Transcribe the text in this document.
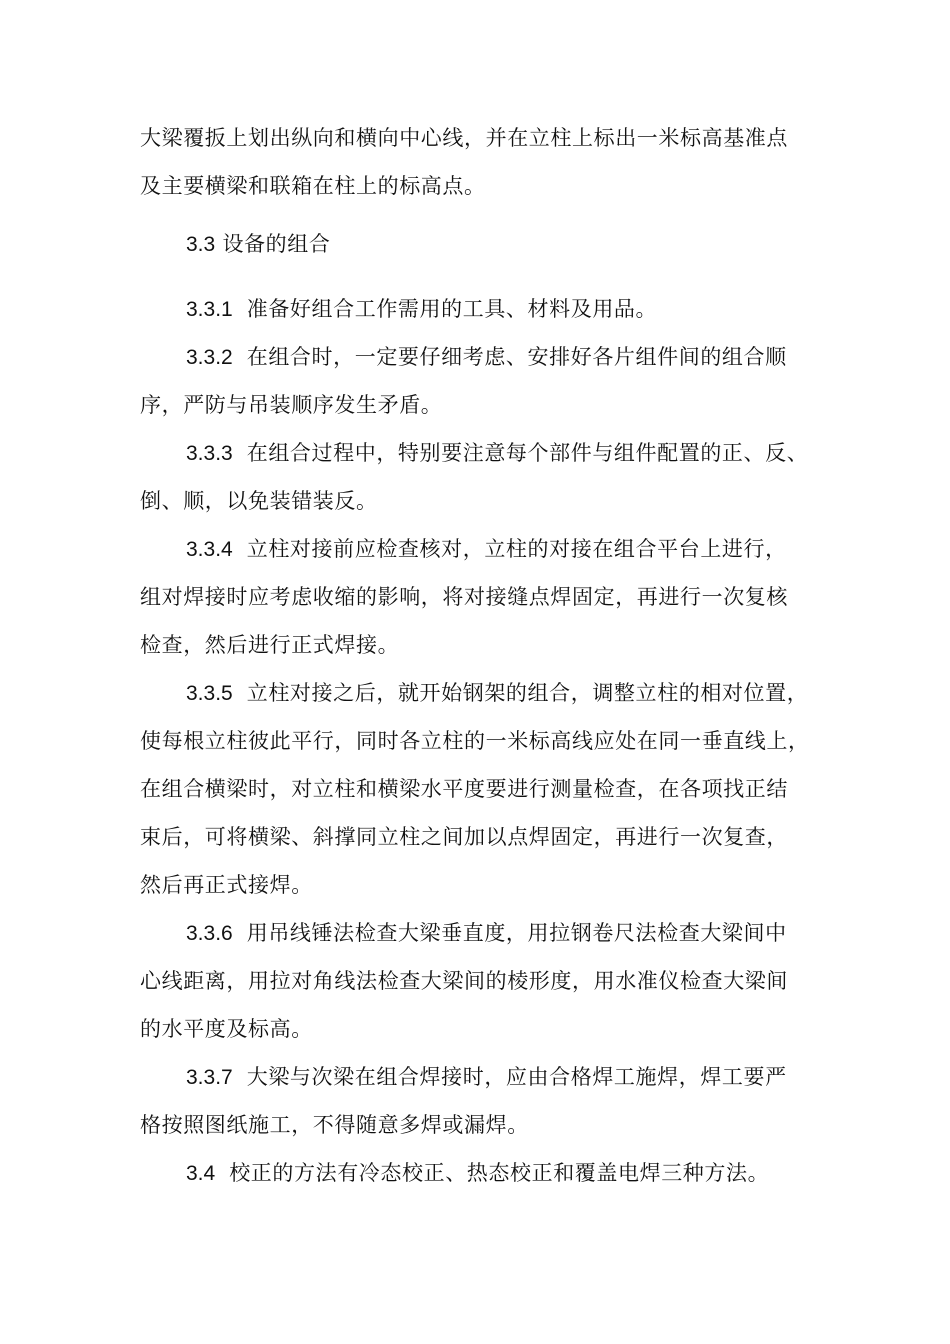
大梁覆扳上划出纵向和横向中心线，并在立柱上标出一米标高基准点
及主要横梁和联箱在柱上的标高点。
3.3 设备的组合
3.3.1 准备好组合工作需用的工具、材料及用品。
3.3.2 在组合时，一定要仔细考虑、安排好各片组件间的组合顺
序，严防与吊装顺序发生矛盾。
3.3.3 在组合过程中，特别要注意每个部件与组件配置的正、反、
倒、顺，以免装错装反。
3.3.4 立柱对接前应检查核对，立柱的对接在组合平台上进行，
组对焊接时应考虑收缩的影响，将对接缝点焊固定，再进行一次复核
检查，然后进行正式焊接。
3.3.5 立柱对接之后，就开始钢架的组合，调整立柱的相对位置，
使每根立柱彼此平行，同时各立柱的一米标高线应处在同一垂直线上，
在组合横梁时，对立柱和横梁水平度要进行测量检查，在各项找正结
束后，可将横梁、斜撑同立柱之间加以点焊固定，再进行一次复查，
然后再正式接焊。
3.3.6 用吊线锤法检查大梁垂直度，用拉钢卷尺法检查大梁间中
心线距离，用拉对角线法检查大梁间的棱形度，用水准仪检查大梁间
的水平度及标高。
3.3.7 大梁与次梁在组合焊接时，应由合格焊工施焊，焊工要严
格按照图纸施工，不得随意多焊或漏焊。
3.4 校正的方法有冷态校正、热态校正和覆盖电焊三种方法。
